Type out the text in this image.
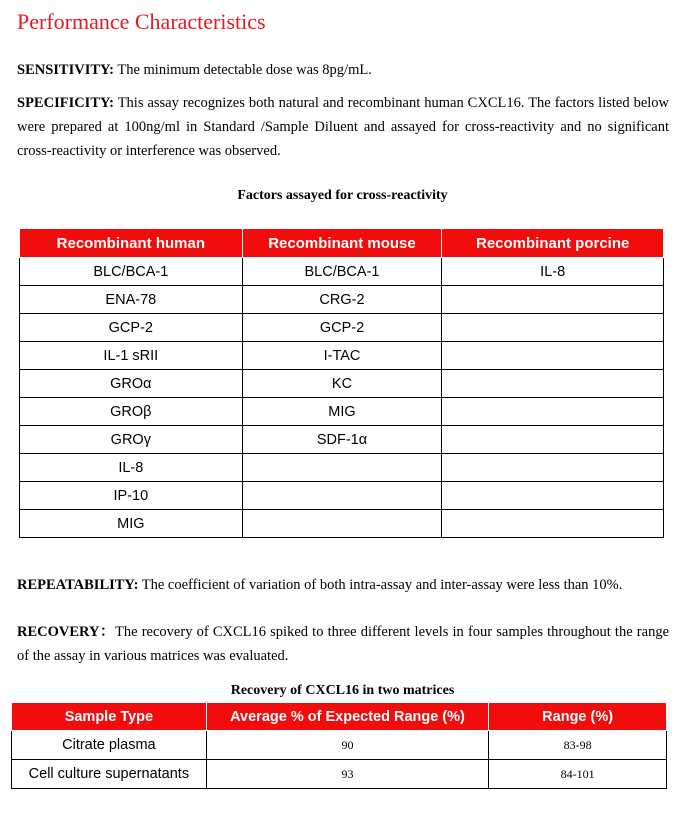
Performance Characteristics
SENSITIVITY: The minimum detectable dose was 8pg/mL.
SPECIFICITY: This assay recognizes both natural and recombinant human CXCL16. The factors listed below were prepared at 100ng/ml in Standard /Sample Diluent and assayed for cross-reactivity and no significant cross-reactivity or interference was observed.
Factors assayed for cross-reactivity
Recombinant human	Recombinant mouse	Recombinant porcine
BLC/BCA-1	BLC/BCA-1	IL-8
ENA-78	CRG-2	
GCP-2	GCP-2	
IL-1 sRII	I-TAC	
GROα	KC	
GROβ	MIG	
GROγ	SDF-1α	
IL-8		
IP-10		
MIG		
REPEATABILITY: The coefficient of variation of both intra-assay and inter-assay were less than 10%.
RECOVERY：The recovery of CXCL16 spiked to three different levels in four samples throughout the range of the assay in various matrices was evaluated.
Recovery of CXCL16 in two matrices
Sample Type	Average % of Expected Range (%)	Range (%)
Citrate plasma	90	83-98
Cell culture supernatants	93	84-101
